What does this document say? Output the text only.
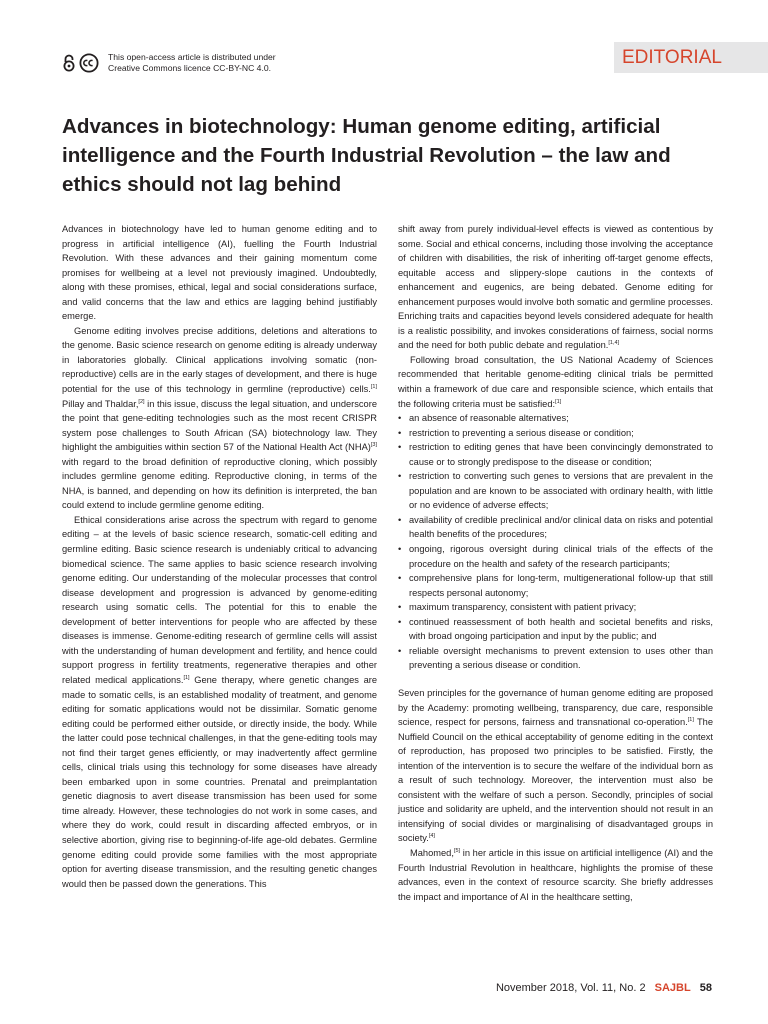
This open-access article is distributed under
Creative Commons licence CC-BY-NC 4.0.	EDITORIAL
Advances in biotechnology: Human genome editing, artificial intelligence and the Fourth Industrial Revolution – the law and ethics should not lag behind

Advances in biotechnology have led to human genome editing and to progress in artificial intelligence (AI), fuelling the Fourth Industrial Revolution. With these advances and their gaining momentum come promises for wellbeing at a level not previously imagined. Undoubtedly, along with these promises, ethical, legal and social considerations surface, and valid concerns that the law and ethics are lagging behind justifiably emerge.

Genome editing involves precise additions, deletions and alterations to the genome. Basic science research on genome editing is already underway in laboratories globally. Clinical applications involving somatic (non-reproductive) cells are in the early stages of development, and there is huge potential for the use of this technology in germline (reproductive) cells.[1] Pillay and Thaldar,[2] in this issue, discuss the legal situation, and underscore the point that gene-editing technologies such as the most recent CRISPR system pose challenges to South African (SA) biotechnology law. They highlight the ambiguities within section 57 of the National Health Act (NHA)[3] with regard to the broad definition of reproductive cloning, which possibly includes germline genome editing. Reproductive cloning, in terms of the NHA, is banned, and depending on how its definition is interpreted, the ban could extend to include germline genome editing.

Ethical considerations arise across the spectrum with regard to genome editing – at the levels of basic science research, somatic-cell editing and germline editing. Basic science research is undeniably critical to advancing biomedical science. The same applies to basic science research involving genome editing. Our understanding of the molecular processes that control disease development and progression is advanced by genome-editing research using somatic cells. The potential for this to enable the development of better interventions for people who are affected by these diseases is immense. Genome-editing research of germline cells will assist with the understanding of human development and fertility, and hence could support progress in fertility treatments, regenerative therapies and other related medical applications.[1] Gene therapy, where genetic changes are made to somatic cells, is an established modality of treatment, and genome editing for somatic applications would not be dissimilar. Somatic genome editing could be performed either outside, or directly inside, the body. While the latter could pose technical challenges, in that the gene-editing tools may not find their target genes efficiently, or may inadvertently affect germline cells, clinical trials using this technology for some diseases have already been embarked upon in some countries. Prenatal and preimplantation genetic diagnosis to avert disease transmission has been used for some time already. However, these technologies do not work in some cases, and where they do work, could result in discarding affected embryos, or in selective abortion, giving rise to beginning-of-life age-old debates. Germline genome editing could provide some families with the most appropriate option for averting disease transmission, and the resulting genetic changes would then be passed down the generations. This

shift away from purely individual-level effects is viewed as contentious by some. Social and ethical concerns, including those involving the acceptance of children with disabilities, the risk of inheriting off-target genome effects, equitable access and slippery-slope cautions in the contexts of enhancement and eugenics, are being debated. Genome editing for enhancement purposes would involve both somatic and germline processes. Enriching traits and capacities beyond levels considered adequate for health is a realistic possibility, and invokes considerations of fairness, social norms and the need for both public debate and regulation.[1,4]

Following broad consultation, the US National Academy of Sciences recommended that heritable genome-editing clinical trials be permitted within a framework of due care and responsible science, which entails that the following criteria must be satisfied:[1]

• an absence of reasonable alternatives;
• restriction to preventing a serious disease or condition;
• restriction to editing genes that have been convincingly demonstrated to cause or to strongly predispose to the disease or condition;
• restriction to converting such genes to versions that are prevalent in the population and are known to be associated with ordinary health, with little or no evidence of adverse effects;
• availability of credible preclinical and/or clinical data on risks and potential health benefits of the procedures;
• ongoing, rigorous oversight during clinical trials of the effects of the procedure on the health and safety of the research participants;
• comprehensive plans for long-term, multigenerational follow-up that still respects personal autonomy;
• maximum transparency, consistent with patient privacy;
• continued reassessment of both health and societal benefits and risks, with broad ongoing participation and input by the public; and
• reliable oversight mechanisms to prevent extension to uses other than preventing a serious disease or condition.

Seven principles for the governance of human genome editing are proposed by the Academy: promoting wellbeing, transparency, due care, responsible science, respect for persons, fairness and transnational co-operation.[1] The Nuffield Council on the ethical acceptability of genome editing in the context of reproduction, has proposed two principles to be satisfied. Firstly, the intention of the intervention is to secure the welfare of the individual born as a result of such technology. Moreover, the intervention must also be consistent with the welfare of such a person. Secondly, principles of social justice and solidarity are upheld, and the intervention should not result in an intensifying of social divides or marginalising of disadvantaged groups in society.[4]

Mahomed,[5] in her article in this issue on artificial intelligence (AI) and the Fourth Industrial Revolution in healthcare, highlights the promise of these advances, even in the context of resource scarcity. She briefly addresses the impact and importance of AI in the healthcare setting,

November 2018, Vol. 11, No. 2 SAJBL 58
